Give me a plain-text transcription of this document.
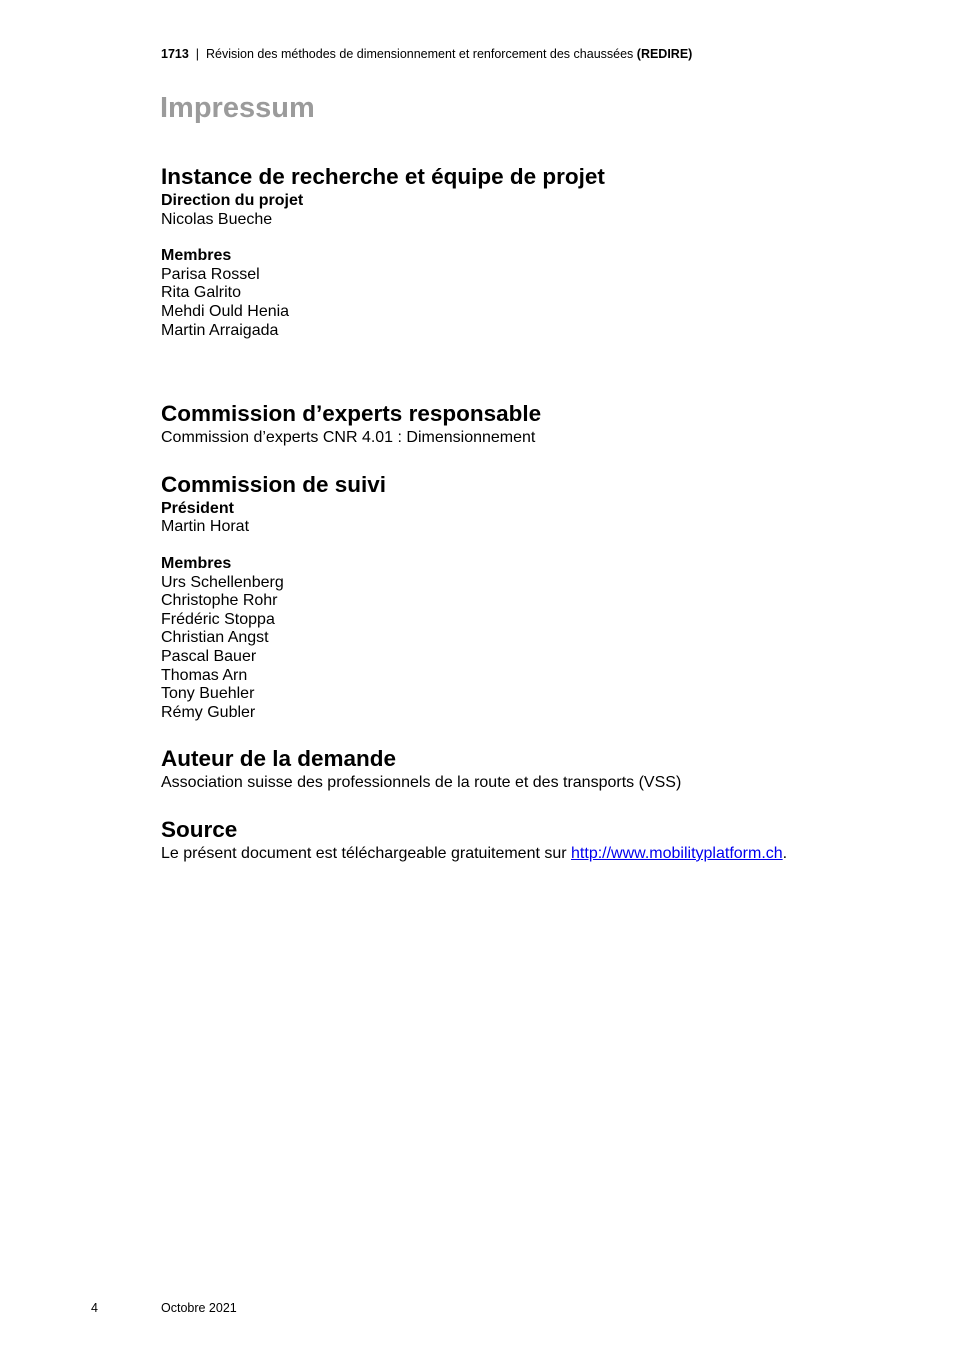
1713 | Révision des méthodes de dimensionnement et renforcement des chaussées (REDIRE)
Impressum
Instance de recherche et équipe de projet
Direction du projet
Nicolas Bueche
Membres
Parisa Rossel
Rita Galrito
Mehdi Ould Henia
Martin Arraigada
Commission d’experts responsable
Commission d’experts CNR 4.01 : Dimensionnement
Commission de suivi
Président
Martin Horat
Membres
Urs Schellenberg
Christophe Rohr
Frédéric Stoppa
Christian Angst
Pascal Bauer
Thomas Arn
Tony Buehler
Rémy Gubler
Auteur de la demande
Association suisse des professionnels de la route et des transports (VSS)
Source
Le présent document est téléchargeable gratuitement sur http://www.mobilityplatform.ch.
4	Octobre 2021
